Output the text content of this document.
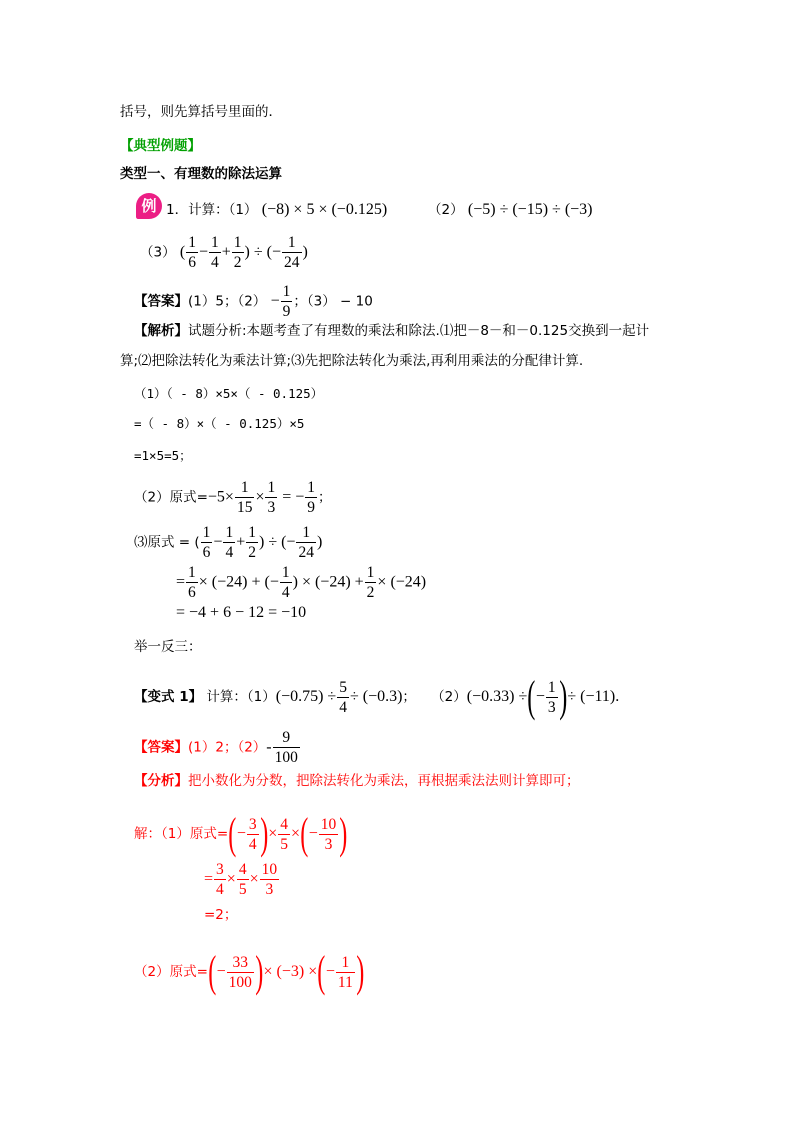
括号，则先算括号里面的．
【典型例题】
类型一、有理数的除法运算
例 1．计算：（1） (−8) × 5 × (−0.125)	（2） (−5) ÷ (−15) ÷ (−3)
（3） ( $\frac{1}{6} - \frac{1}{4} + \frac{1}{2}$ ) ÷ (− $\frac{1}{24}$ )
【答案】(1）5；$(2) - \frac{1}{9}$ ；（3） − 10
【解析】试题分析:本题考查了有理数的乘法和除法.⑴把－8－和－0.125交换到一起计
算;⑵把除法转化为乘法计算;⑶先把除法转化为乘法,再利用乘法的分配律计算.
（1）（ - 8）×5×（ - 0.125）
=（ - 8）×（ - 0.125）×5
=1×5=5；
（2）原式$=-5\times \frac{1}{15} \times \frac{1}{3}$ = − $\frac{1}{9}$ ；
⑶原式 = ( $\frac{1}{6} - \frac{1}{4} + \frac{1}{2}$ ) ÷ (− $\frac{1}{24}$ )
= $\frac{1}{6} \times (-24)$ + (− $\frac{1}{4}$ ) × $(-24) + \frac{1}{2} \times (-24)$
= −4 + 6 − 12 = −10
举一反三：
【变式 1】 计算：$(1)(-0.75) \div \frac{5}{4} \div (-0.3)$； （2）(−0.33) ÷(− $\frac{1}{3}$ )÷ (−11).
【答案】(1）2；$(2)- \frac{9}{100}$
【分析】把小数化为分数，把除法转化为乘法，再根据乘法法则计算即可；
解：（1）原式=(− $\frac{3}{4}$ )× $\frac{4}{5}$ ×(− $\frac{10}{3}$ )
= $\frac{3}{4} \times \frac{4}{5} \times \frac{10}{3}$
=2；
（2）原式=(− $\frac{33}{100}$ )× (−3) ×(− $\frac{1}{11}$ )
